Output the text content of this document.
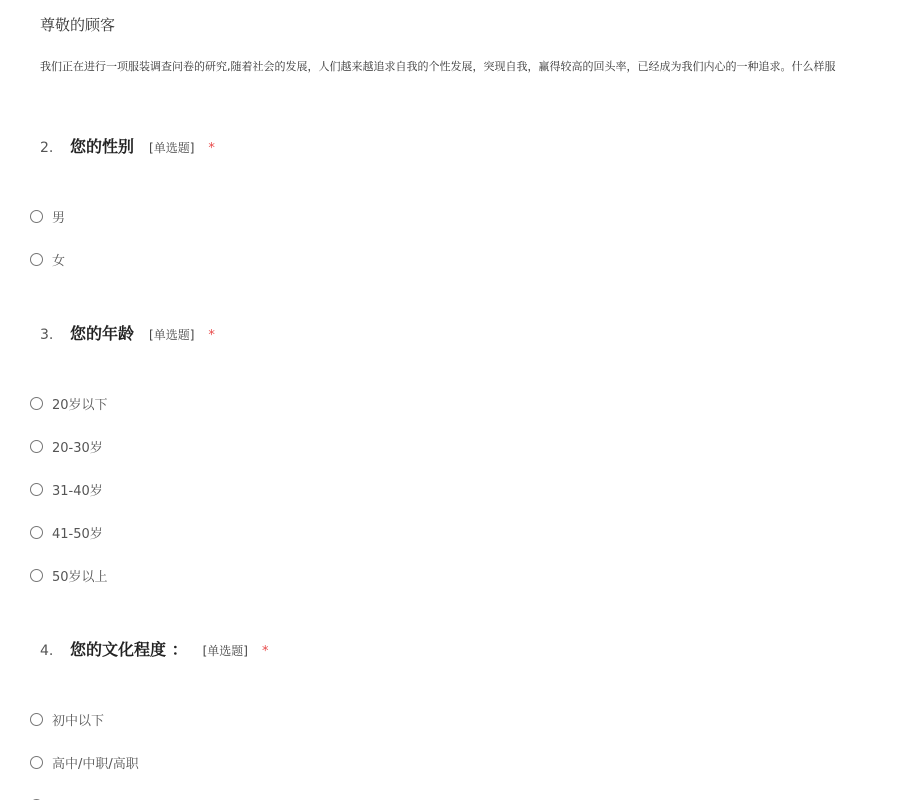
尊敬的顾客
我们正在进行一项服装调查问卷的研究,随着社会的发展，人们越来越追求自我的个性发展，突现自我，赢得较高的回头率，已经成为我们内心的一种追求。什么样服
2.	您的性别 [单选题] *
男
女
3.	您的年龄 [单选题] *
20岁以下
20-30岁
31-40岁
41-50岁
50岁以上
4.	您的文化程度 ： [单选题] *
初中以下
高中/中职/高职
